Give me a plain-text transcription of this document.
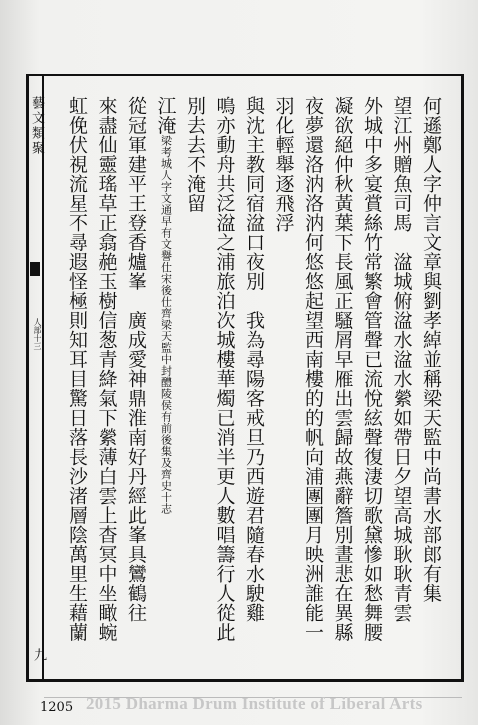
藝文類聚
人部十三
九
何遜鄭人字仲言文章與劉孝綽並稱梁天監中尚書水部郎有集
望江州贈魚司馬　湓城俯湓水湓水縈如帶日夕望高城耿耿青雲
外城中多宴賞絲竹常繁會管聲已流悅絃聲復淒切歌黛慘如愁舞腰
凝欲絕仲秋黃葉下長風正騷屑早雁出雲歸故燕辭簷別晝悲在異縣
夜夢還洛汭洛汭何悠悠起望西南樓的的帆向浦團團月映洲誰能一
羽化輕舉逐飛浮
與沈主教同宿湓口夜別　我為尋陽客戒旦乃西遊君隨春水駛雞
鳴亦動舟共泛湓之浦旅泊次城樓華燭已消半更人數唱籌行人從此
別去去不淹留
江淹梁考城人字文通早有文譽仕宋後仕齊梁天監中封醴陵侯有前後集及齊史十志
從冠軍建平王登香爐峯　廣成愛神鼎淮南好丹經此峯具鸞鶴往
來盡仙靈瑤草正翕赩玉樹信葱青絳氣下縈薄白雲上杳冥中坐瞰蜿
虹俛伏視流星不尋遐怪極則知耳目驚日落長沙渚層陰萬里生藉蘭
1205 2015 Dharma Drum Institute of Liberal Arts
